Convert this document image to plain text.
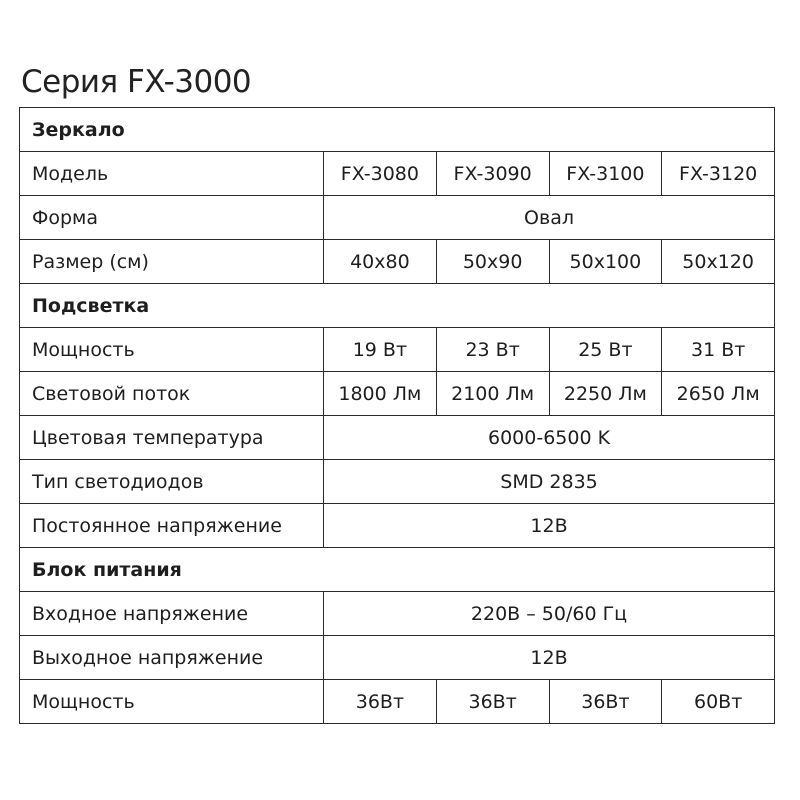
Серия FX-3000
Зеркало				
Модель	FX-3080	FX-3090	FX-3100	FX-3120
Форма	Овал			
Размер (см)	40x80	50x90	50x100	50x120
Подсветка				
Мощность	19 Вт	23 Вт	25 Вт	31 Вт
Световой поток	1800 Лм	2100 Лм	2250 Лм	2650 Лм
Цветовая температура	6000-6500 K			
Тип светодиодов	SMD 2835			
Постоянное напряжение	12В			
Блок питания				
Входное напряжение	220В – 50/60 Гц			
Выходное напряжение	12В			
Мощность	36Вт	36Вт	36Вт	60Вт
